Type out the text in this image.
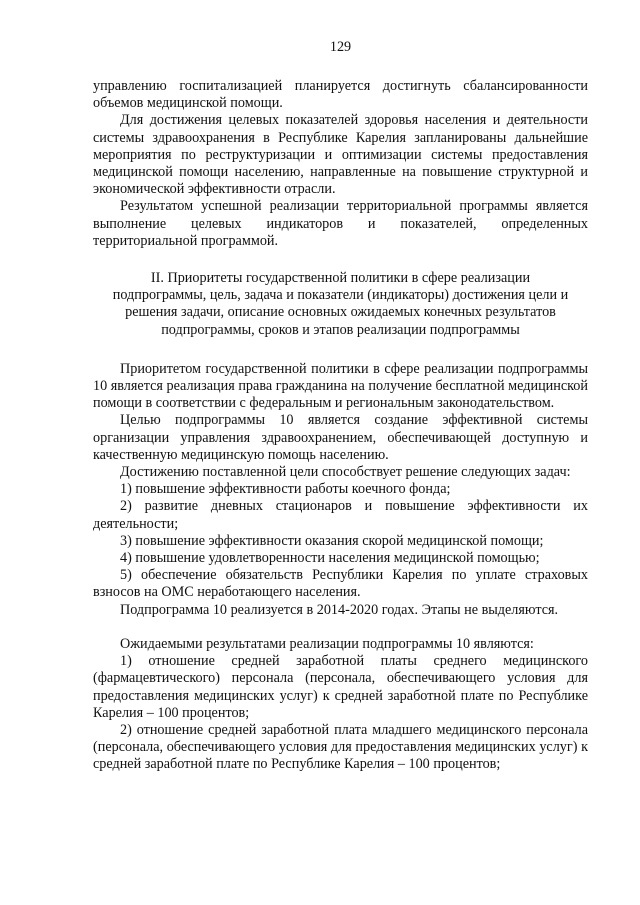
129

управлению госпитализацией планируется достигнуть сбалансированности объемов медицинской помощи.

Для достижения целевых показателей здоровья населения и деятельности системы здравоохранения в Республике Карелия запланированы дальнейшие мероприятия по реструктуризации и оптимизации системы предоставления медицинской помощи населению, направленные на повышение структурной и экономической эффективности отрасли.

Результатом успешной реализации территориальной программы является выполнение целевых индикаторов и показателей, определенных территориальной программой.

II. Приоритеты государственной политики в сфере реализации
подпрограммы, цель, задача и показатели (индикаторы) достижения цели и
решения задачи, описание основных ожидаемых конечных результатов
подпрограммы, сроков и этапов реализации подпрограммы

Приоритетом государственной политики в сфере реализации подпрограммы 10 является реализация права гражданина на получение бесплатной медицинской помощи в соответствии с федеральным и региональным законодательством.

Целью подпрограммы 10 является создание эффективной системы организации управления здравоохранением, обеспечивающей доступную и качественную медицинскую помощь населению.

Достижению поставленной цели способствует решение следующих задач:

1) повышение эффективности работы коечного фонда;

2) развитие дневных стационаров и повышение эффективности их деятельности;

3) повышение эффективности оказания скорой медицинской помощи;

4) повышение удовлетворенности населения медицинской помощью;

5) обеспечение обязательств Республики Карелия по уплате страховых взносов на ОМС неработающего населения.

Подпрограмма 10 реализуется в 2014-2020 годах. Этапы не выделяются.

Ожидаемыми результатами реализации подпрограммы 10 являются:

1) отношение средней заработной платы среднего медицинского (фармацевтического) персонала (персонала, обеспечивающего условия для предоставления медицинских услуг) к средней заработной плате по Республике Карелия – 100 процентов;

2) отношение средней заработной плата младшего медицинского персонала (персонала, обеспечивающего условия для предоставления медицинских услуг) к средней заработной плате по Республике Карелия – 100 процентов;
